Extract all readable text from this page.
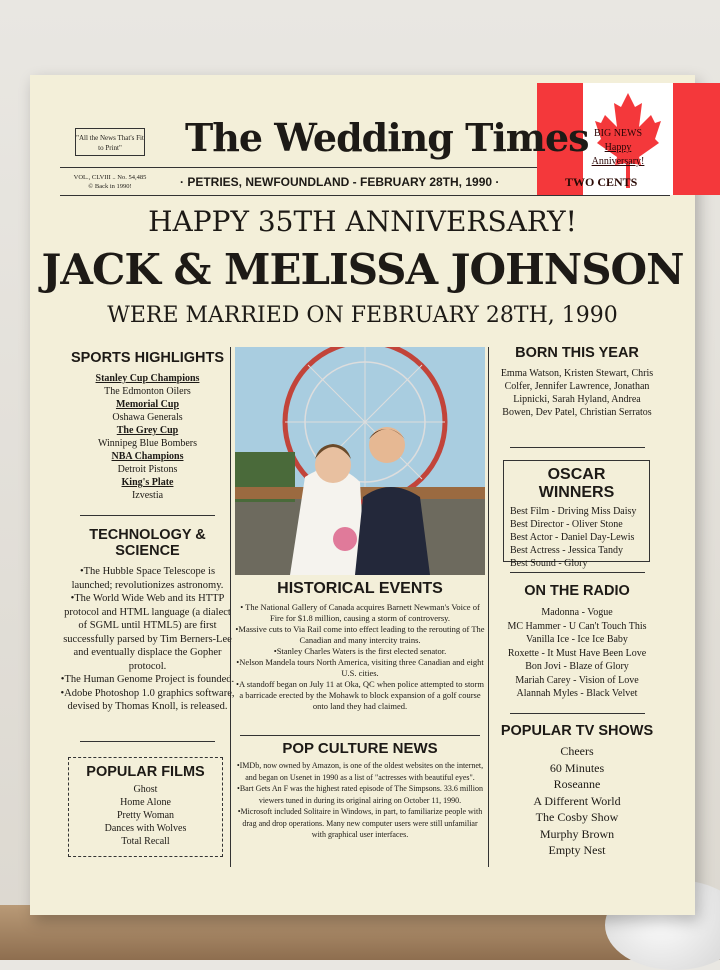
"All the News That's Fit to Print"	The Wedding Times BIG NEWS
Happy Anniversary!
VOL., CLVIII .. No. 54,485
© Back in 1990!	· PETRIES, NEWFOUNDLAND - FEBRUARY 28TH, 1990 ·	TWO CENTS
HAPPY 35TH ANNIVERSARY!
JACK & MELISSA JOHNSON
WERE MARRIED ON FEBRUARY 28TH, 1990
SPORTS HIGHLIGHTS
Stanley Cup Champions
The Edmonton Oilers
Memorial Cup
Oshawa Generals
The Grey Cup
Winnipeg Blue Bombers
NBA Champions
Detroit Pistons
King's Plate
Izvestia
TECHNOLOGY & SCIENCE
•The Hubble Space Telescope is launched; revolutionizes astronomy.
•The World Wide Web and its HTTP protocol and HTML language (a dialect of SGML until HTML5) are first successfully parsed by Tim Berners-Lee and eventually displace the Gopher protocol.
•The Human Genome Project is founded.
•Adobe Photoshop 1.0 graphics software, devised by Thomas Knoll, is released.
POPULAR FILMS
Ghost
Home Alone
Pretty Woman
Dances with Wolves
Total Recall
HISTORICAL EVENTS
• The National Gallery of Canada acquires Barnett Newman's Voice of Fire for $1.8 million, causing a storm of controversy.
•Massive cuts to Via Rail come into effect leading to the rerouting of The Canadian and many intercity trains.
•Stanley Charles Waters is the first elected senator.
•Nelson Mandela tours North America, visiting three Canadian and eight U.S. cities.
•A standoff began on July 11 at Oka, QC when police attempted to storm a barricade erected by the Mohawk to block expansion of a golf course onto land they had claimed.
POP CULTURE NEWS
•IMDb, now owned by Amazon, is one of the oldest websites on the internet, and began on Usenet in 1990 as a list of "actresses with beautiful eyes".
•Bart Gets An F was the highest rated episode of The Simpsons. 33.6 million viewers tuned in during its original airing on October 11, 1990.
•Microsoft included Solitaire in Windows, in part, to familiarize people with drag and drop operations. Many new computer users were still unfamiliar with graphical user interfaces.
BORN THIS YEAR
Emma Watson, Kristen Stewart, Chris Colfer, Jennifer Lawrence, Jonathan Lipnicki, Sarah Hyland, Andrea Bowen, Dev Patel, Christian Serratos
OSCAR WINNERS
Best Film - Driving Miss Daisy
Best Director - Oliver Stone
Best Actor - Daniel Day-Lewis
Best Actress - Jessica Tandy
Best Sound - Glory
ON THE RADIO
Madonna - Vogue
MC Hammer - U Can't Touch This
Vanilla Ice - Ice Ice Baby
Roxette - It Must Have Been Love
Bon Jovi - Blaze of Glory
Mariah Carey - Vision of Love
Alannah Myles - Black Velvet
POPULAR TV SHOWS
Cheers
60 Minutes
Roseanne
A Different World
The Cosby Show
Murphy Brown
Empty Nest
